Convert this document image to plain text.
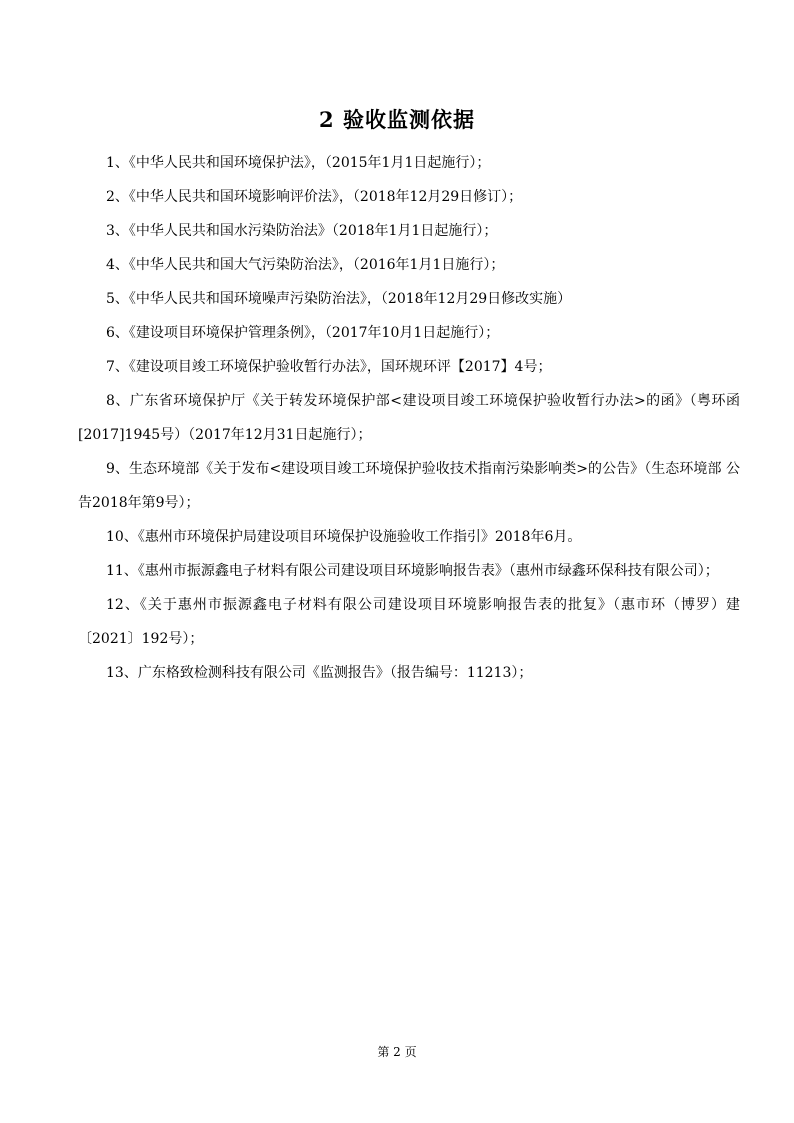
2 验收监测依据
1、《中华人民共和国环境保护法》，（2015年1月1日起施行）；
2、《中华人民共和国环境影响评价法》，（2018年12月29日修订）；
3、《中华人民共和国水污染防治法》（2018年1月1日起施行）；
4、《中华人民共和国大气污染防治法》，（2016年1月1日施行）；
5、《中华人民共和国环境噪声污染防治法》，（2018年12月29日修改实施）
6、《建设项目环境保护管理条例》，（2017年10月1日起施行）；
7、《建设项目竣工环境保护验收暂行办法》，国环规环评【2017】4号；
8、广东省环境保护厅《关于转发环境保护部<建设项目竣工环境保护验收暂行办法>的函》（粤环函[2017]1945号）（2017年12月31日起施行）；
9、生态环境部《关于发布<建设项目竣工环境保护验收技术指南污染影响类>的公告》（生态环境部 公告2018年第9号）；
10、《惠州市环境保护局建设项目环境保护设施验收工作指引》2018年6月。
11、《惠州市振源鑫电子材料有限公司建设项目环境影响报告表》（惠州市绿鑫环保科技有限公司）；
12、《关于惠州市振源鑫电子材料有限公司建设项目环境影响报告表的批复》（惠市环（博罗）建〔2021〕192号）；
13、广东格致检测科技有限公司《监测报告》（报告编号：11213）；
第 2 页
